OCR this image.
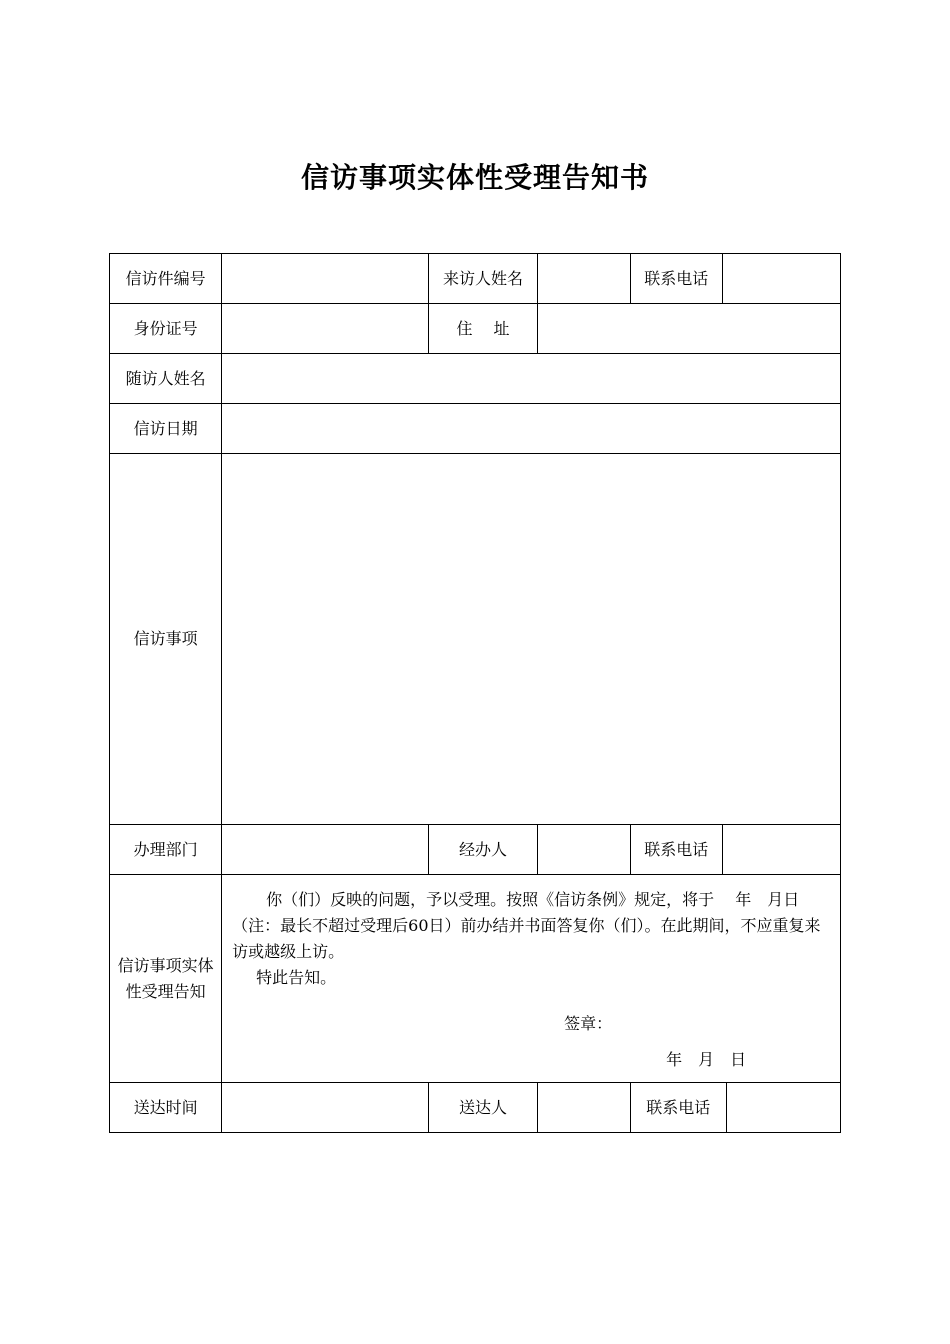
信访事项实体性受理告知书
信访件编号		来访人姓名		联系电话		
身份证号		住　 址				
随访人姓名						
信访日期						
信访事项						
办理部门		经办人		联系电话		
信访事项实体性受理告知	你（们）反映的问题，予以受理。按照《信访条例》规定，将于　 年　月日（注：最长不超过受理后60日）前办结并书面答复你（们）。在此期间，不应重复来访或越级上访。

特此告知。
签章：
年　月　日					

送达时间		送达人		联系电话		
